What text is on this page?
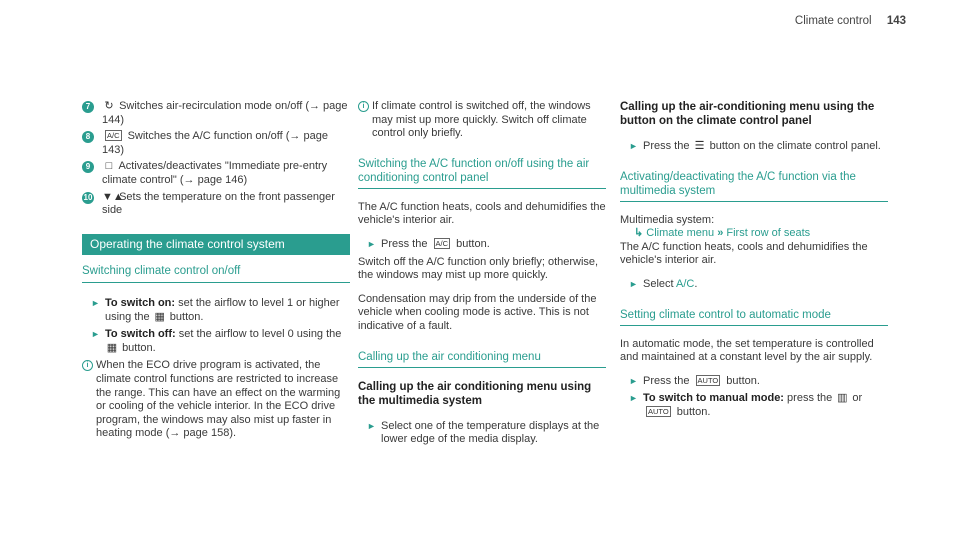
Climate control 143
7	↻ Switches air-recirculation mode on/off (→ page 144)
8	A/C Switches the A/C function on/off (→ page 143)
9	□ Activates/deactivates "Immediate pre-entry climate control" (→ page 146)
10 ▼▲ Sets the temperature on the front passenger side
Operating the climate control system
Switching climate control on/off
► To switch on: set the airflow to level 1 or higher using the ▦ button.
► To switch off: set the airflow to level 0 using the ▦ button.
i When the ECO drive program is activated, the climate control functions are restricted to increase the range. This can have an effect on the warming or cooling of the vehicle interior. In the ECO drive program, the windows may also mist up faster in heating mode (→ page 158).
i If climate control is switched off, the windows may mist up more quickly. Switch off climate control only briefly.
Switching the A/C function on/off using the air conditioning control panel

The A/C function heats, cools and dehumidifies the vehicle's interior air.

► Press the A/C button.

Switch off the A/C function only briefly; otherwise, the windows may mist up more quickly.

Condensation may drip from the underside of the vehicle when cooling mode is active. This is not indicative of a fault.

Calling up the air conditioning menu
Calling up the air conditioning menu using the multimedia system
► Select one of the temperature displays at the lower edge of the media display.
Calling up the air-conditioning menu using the button on the climate control panel
► Press the ☰ button on the climate control panel.
Activating/deactivating the A/C function via the multimedia system

Multimedia system:

↳ Climate menu » First row of seats

The A/C function heats, cools and dehumidifies the vehicle's interior air.

► Select A/C.
Setting climate control to automatic mode

In automatic mode, the set temperature is controlled and maintained at a constant level by the air supply.

► Press the AUTO button.
► To switch to manual mode: press the ▥ or AUTO button.
